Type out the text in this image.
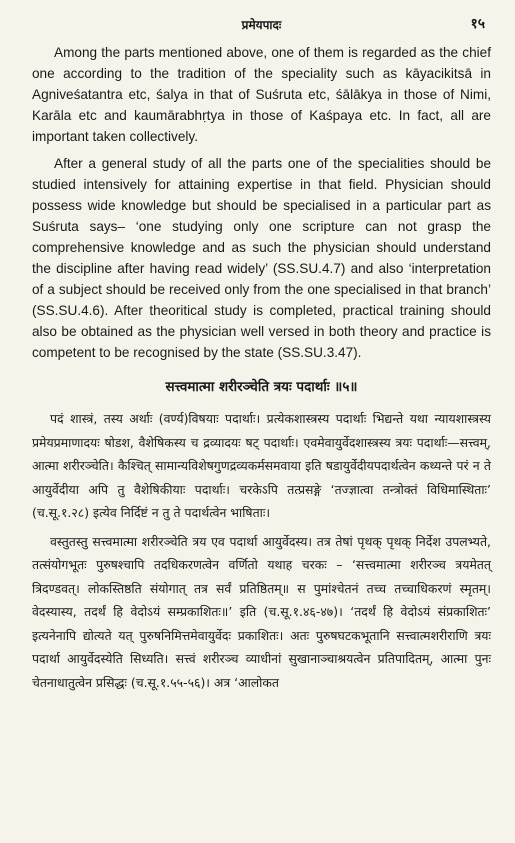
प्रमेयपादः	१५

Among the parts mentioned above, one of them is regarded as the chief one according to the tradition of the speciality such as kāyacikitsā in Agniveśatantra etc, śalya in that of Suśruta etc, śālākya in those of Nimi, Karāla etc and kaumārabhṛtya in those of Kaśpaya etc. In fact, all are important taken collectively.

After a general study of all the parts one of the specialities should be studied intensively for attaining expertise in that field. Physician should possess wide knowledge but should be specialised in a particular part as Suśruta says– ‘one studying only one scripture can not grasp the comprehensive knowledge and as such the physician should understand the discipline after having read widely’ (SS.SU.4.7) and also ‘interpretation of a subject should be received only from the one specialised in that branch’ (SS.SU.4.6). After theoritical study is completed, practical training should also be obtained as the physician well versed in both theory and practice is competent to be recognised by the state (SS.SU.3.47).

सत्त्वमात्मा शरीरञ्चेति त्रयः पदार्थाः ॥५॥

पदं शास्त्रं, तस्य अर्थाः (वर्ण्य)विषयाः पदार्थाः। प्रत्येकशास्त्रस्य पदार्थाः भिद्यन्ते यथा न्यायशास्त्रस्य प्रमेयप्रमाणादयः षोडश, वैशेषिकस्य च द्रव्यादयः षट् पदार्थाः। एवमेवायुर्वेदशास्त्रस्य त्रयः पदार्थाः—सत्त्वम्, आत्मा शरीरञ्चेति। कैश्चित् सामान्यविशेषगुणद्रव्यकर्मसमवाया इति षडायुर्वेदीयपदार्थत्वेन कथ्यन्ते परं न ते आयुर्वेदीया अपि तु वैशेषिकीयाः पदार्थाः। चरकेऽपि तत्प्रसङ्गे ‘तज्ज्ञात्वा तन्त्रोक्तं विधिमास्थिताः’ (च.सू.१.२८) इत्येव निर्दिष्टं न तु ते पदार्थत्वेन भाषिताः।

वस्तुतस्तु सत्त्वमात्मा शरीरञ्चेति त्रय एव पदार्था आयुर्वेदस्य। तत्र तेषां पृथक् पृथक् निर्देश उपलभ्यते, तत्संयोगभूतः पुरुषश्चापि तदधिकरणत्वेन वर्णितो यथाह चरकः – ‘सत्त्वमात्मा शरीरञ्च त्रयमेतत् त्रिदण्डवत्। लोकस्तिष्ठति संयोगात् तत्र सर्वं प्रतिष्ठितम्॥ स पुमांश्चेतनं तच्च तच्चाधिकरणं स्मृतम्। वेदस्यास्य, तदर्थं हि वेदोऽयं सम्प्रकाशितः॥’ इति (च.सू.१.४६-४७)। ‘तदर्थं हि वेदोऽयं संप्रकाशितः’ इत्यनेनापि द्योत्यते यत् पुरुषनिमित्तमेवायुर्वेदः प्रकाशितः। अतः पुरुषघटकभूतानि सत्त्वात्मशरीराणि त्रयः पदार्था आयुर्वेदस्येति सिध्यति। सत्त्वं शरीरञ्च व्याधीनां सुखानाञ्चाश्रयत्वेन प्रतिपादितम्, आत्मा पुनः चेतनाधातुत्वेन प्रसिद्धः (च.सू.१.५५-५६)। अत्र ‘आलोकत
